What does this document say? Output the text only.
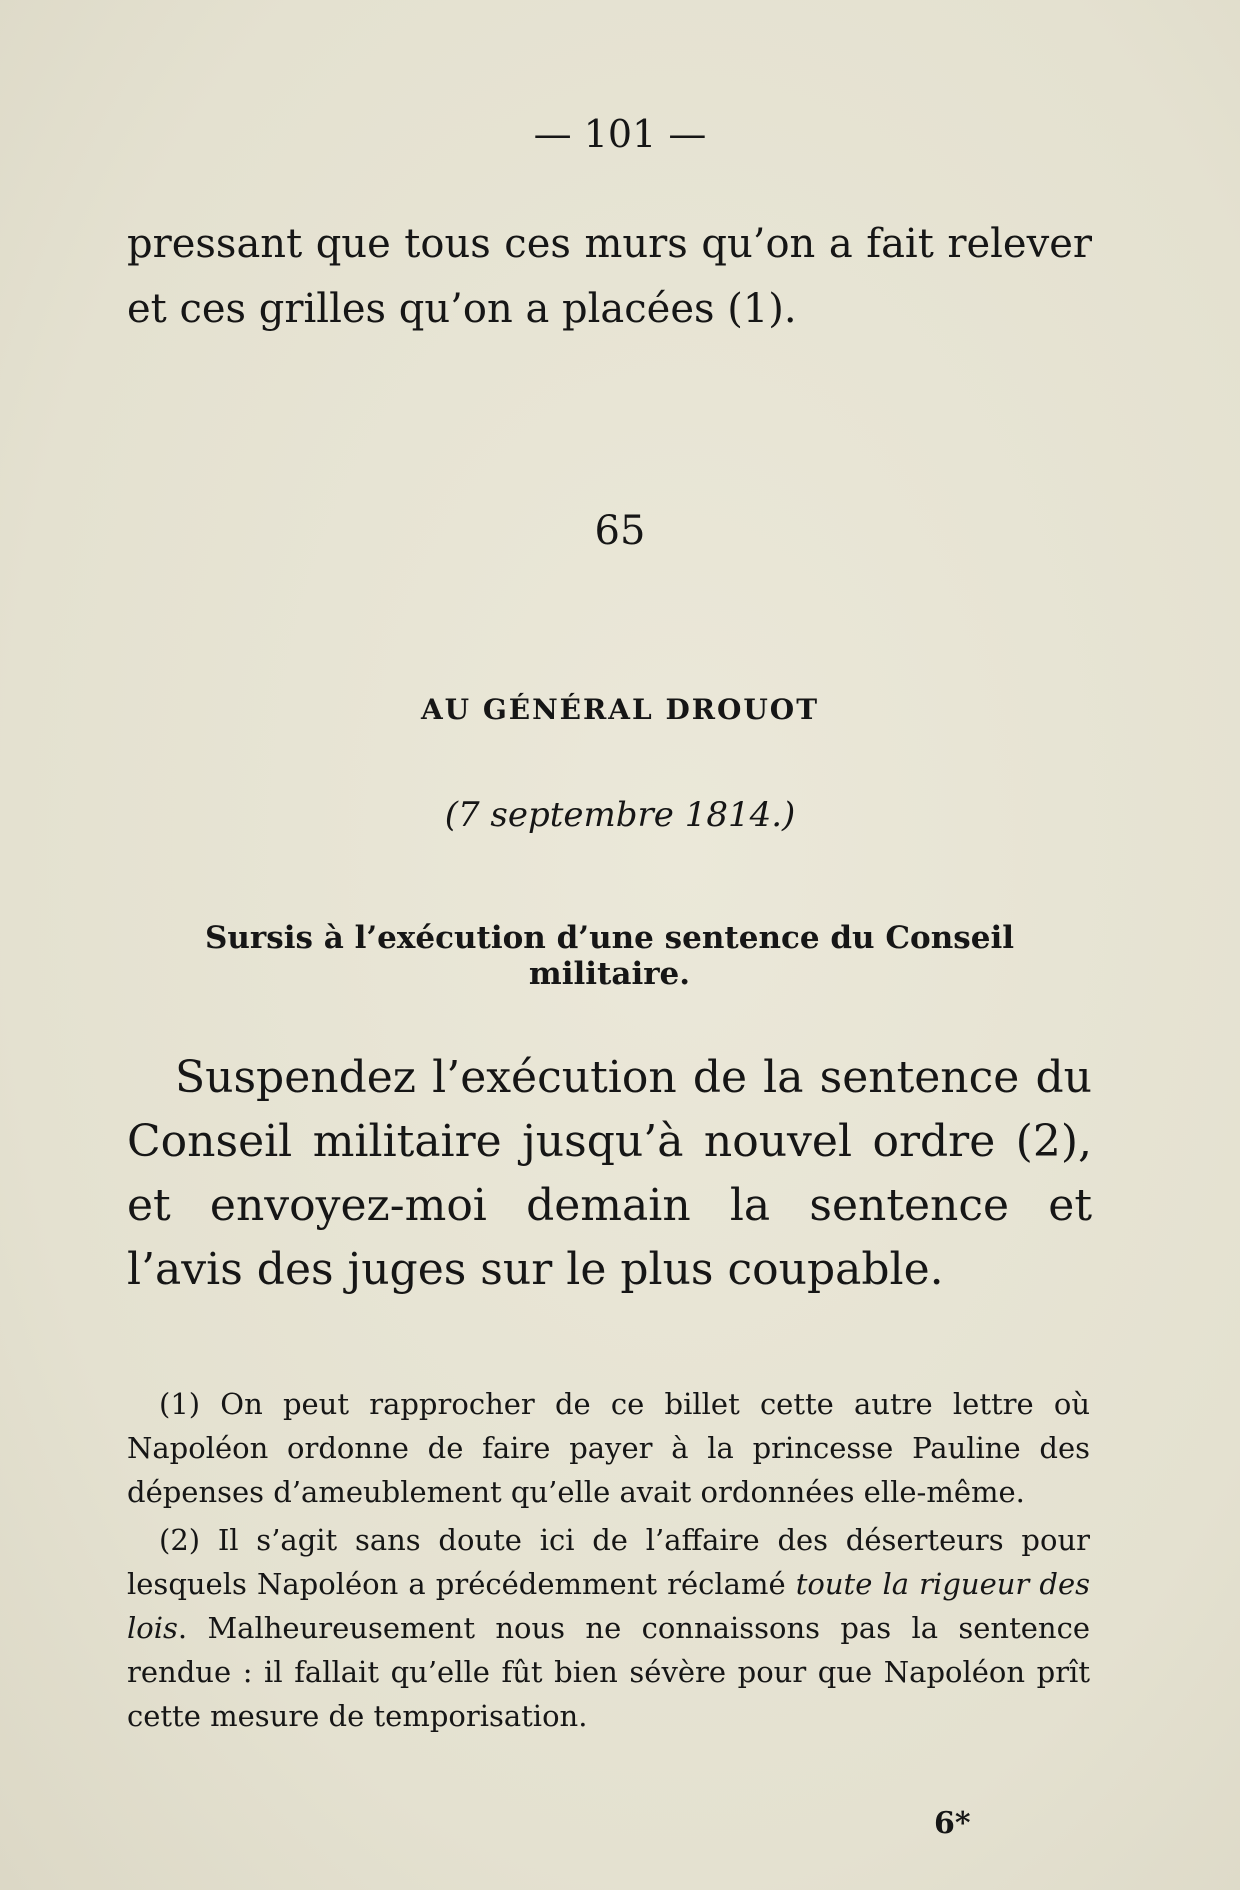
— 101 —

pressant que tous ces murs qu’on a fait relever et ces grilles qu’on a placées (1).

65
AU GÉNÉRAL DROUOT
(7 septembre 1814.)

Sursis à l’exécution d’une sentence du Conseil militaire.

Suspendez l’exécution de la sentence du Conseil militaire jusqu’à nouvel ordre (2), et envoyez-moi demain la sentence et l’avis des juges sur le plus coupable.

(1) On peut rapprocher de ce billet cette autre lettre où Napoléon ordonne de faire payer à la princesse Pauline des dépenses d’ameublement qu’elle avait ordonnées elle-même.

(2) Il s’agit sans doute ici de l’affaire des déserteurs pour lesquels Napoléon a précédemment réclamé toute la rigueur des lois. Malheureusement nous ne connaissons pas la sentence rendue : il fallait qu’elle fût bien sévère pour que Napoléon prît cette mesure de temporisation.

6*
